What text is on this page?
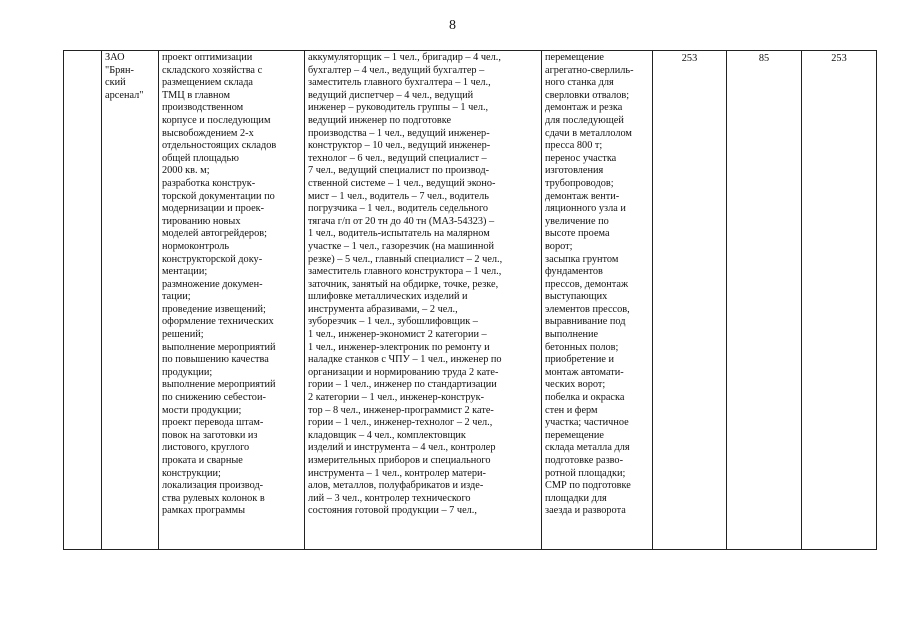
8
	ЗАО
"Брян-
ский
арсенал"	проект оптимизации
складского хозяйства с
размещением склада
ТМЦ в главном
производственном
корпусе и последующим
высвобождением 2-х
отдельностоящих складов
общей площадью
2000 кв. м;
разработка конструк-
торской документации по
модернизации и проек-
тированию новых
моделей автогрейдеров;
нормоконтроль
конструкторской доку-
ментации;
размножение докумен-
тации;
проведение извещений;
оформление технических
решений;
выполнение мероприятий
по повышению качества
продукции;
выполнение мероприятий
по снижению себестои-
мости продукции;
проект перевода штам-
повок на заготовки из
листового, круглого
проката и сварные
конструкции;
локализация производ-
ства рулевых колонок в
рамках программы	аккумуляторщик – 1 чел., бригадир – 4 чел.,
бухгалтер – 4 чел., ведущий бухгалтер –
заместитель главного бухгалтера – 1 чел.,
ведущий диспетчер – 4 чел., ведущий
инженер – руководитель группы – 1 чел.,
ведущий инженер по подготовке
производства – 1 чел., ведущий инженер-
конструктор – 10 чел., ведущий инженер-
технолог – 6 чел., ведущий специалист –
7 чел., ведущий специалист по производ-
ственной системе – 1 чел., ведущий эконо-
мист – 1 чел., водитель – 7 чел., водитель
погрузчика – 1 чел., водитель седельного
тягача г/п от 20 тн до 40 тн (МАЗ-54323) –
1 чел., водитель-испытатель на малярном
участке – 1 чел., газорезчик (на машинной
резке) – 5 чел., главный специалист – 2 чел.,
заместитель главного конструктора – 1 чел.,
заточник, занятый на обдирке, точке, резке,
шлифовке металлических изделий и
инструмента абразивами, – 2 чел.,
зуборезчик – 1 чел., зубошлифовщик –
1 чел., инженер-экономист 2 категории –
1 чел., инженер-электроник по ремонту и
наладке станков с ЧПУ – 1 чел., инженер по
организации и нормированию труда 2 кате-
гории – 1 чел., инженер по стандартизации
2 категории – 1 чел., инженер-конструк-
тор – 8 чел., инженер-программист 2 кате-
гории – 1 чел., инженер-технолог – 2 чел.,
кладовщик – 4 чел., комплектовщик
изделий и инструмента – 4 чел., контролер
измерительных приборов и специального
инструмента – 1 чел., контролер матери-
алов, металлов, полуфабрикатов и изде-
лий – 3 чел., контролер технического
состояния готовой продукции – 7 чел.,	перемещение
агрегатно-сверлиль-
ного станка для
сверловки отвалов;
демонтаж и резка
для последующей
сдачи в металлолом
пресса 800 т;
перенос участка
изготовления
трубопроводов;
демонтаж венти-
ляционного узла и
увеличение по
высоте проема
ворот;
засыпка грунтом
фундаментов
прессов, демонтаж
выступающих
элементов прессов,
выравнивание под
выполнение
бетонных полов;
приобретение и
монтаж автомати-
ческих ворот;
побелка и окраска
стен и ферм
участка; частичное
перемещение
склада металла для
подготовке разво-
ротной площадки;
СМР по подготовке
площадки для
заезда и разворота	253	85	253
